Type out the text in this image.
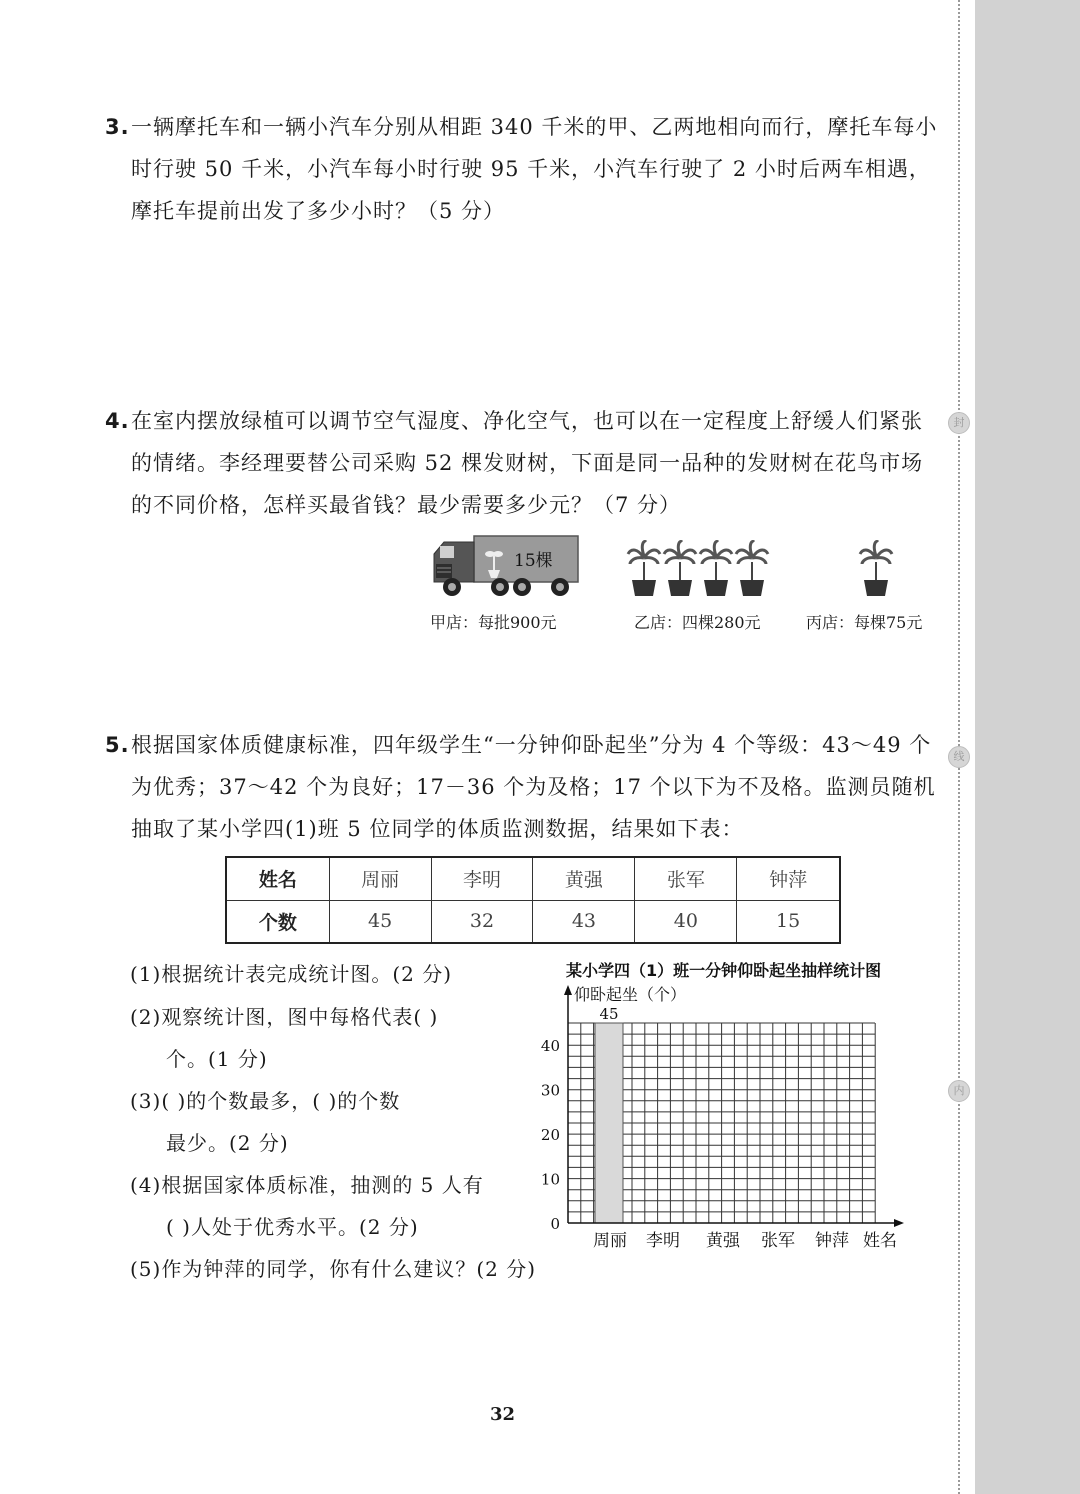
封
线
内
3. 一辆摩托车和一辆小汽车分别从相距 340 千米的甲、乙两地相向而行，摩托车每小时行驶 50 千米，小汽车每小时行驶 95 千米，小汽车行驶了 2 小时后两车相遇，摩托车提前出发了多少小时？（5 分）
4. 在室内摆放绿植可以调节空气湿度、净化空气，也可以在一定程度上舒缓人们紧张的情绪。李经理要替公司采购 52 棵发财树，下面是同一品种的发财树在花鸟市场的不同价格，怎样买最省钱？最少需要多少元？（7 分）
15棵
甲店：每批900元	乙店：四棵280元	丙店：每棵75元
5. 根据国家体质健康标准，四年级学生“一分钟仰卧起坐”分为 4 个等级：43～49 个为优秀；37～42 个为良好；17－36 个为及格；17 个以下为不及格。监测员随机抽取了某小学四(1)班 5 位同学的体质监测数据，结果如下表：
姓名	周丽	李明	黄强	张军	钟萍
个数	45	32	43	40	15
(1)根据统计表完成统计图。(2 分)
(2)观察统计图，图中每格代表( )
个。(1 分)
(3)( )的个数最多，( )的个数
最少。(2 分)
(4)根据国家体质标准，抽测的 5 人有
( )人处于优秀水平。(2 分)
(5)作为钟萍的同学，你有什么建议？(2 分)
某小学四（1）班一分钟仰卧起坐抽样统计图
仰卧起坐（个）
姓名
45
周丽 李明 黄强 张军 钟萍
0
10
20
30
40
32
